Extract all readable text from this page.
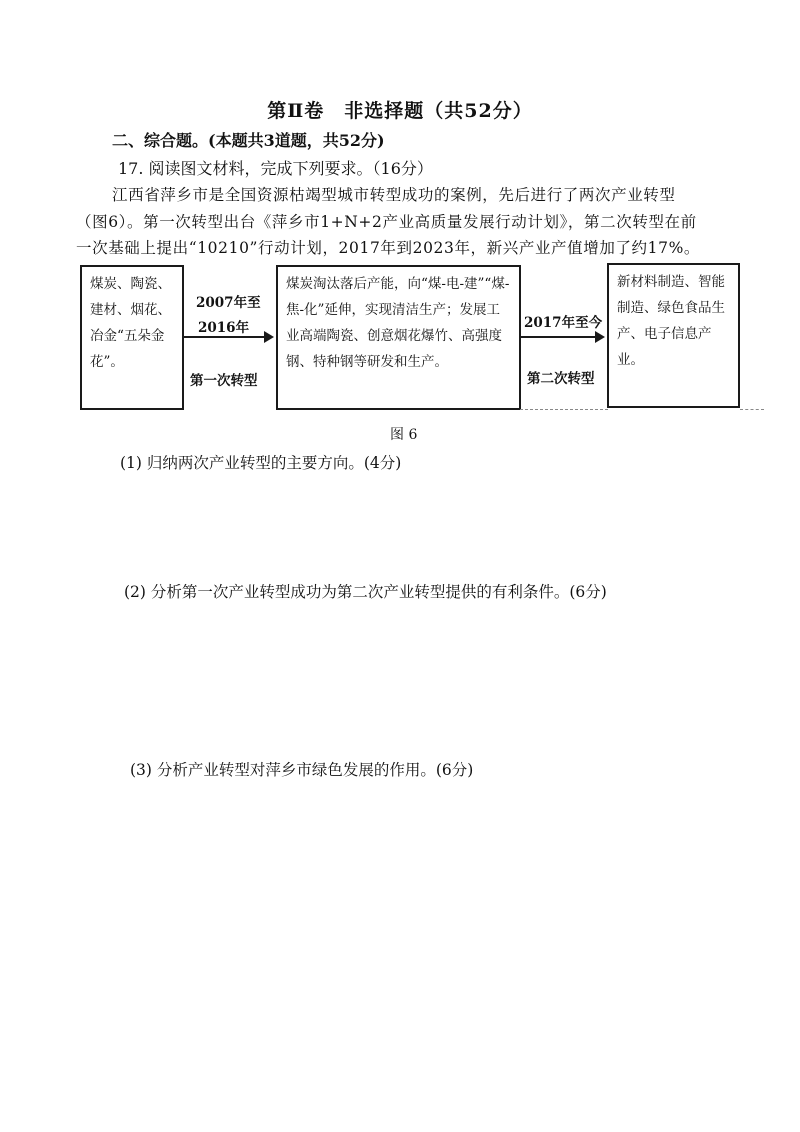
第Ⅱ卷　非选择题（共52分）
二、综合题。(本题共3道题，共52分)
17. 阅读图文材料，完成下列要求。（16分）
江西省萍乡市是全国资源枯竭型城市转型成功的案例，先后进行了两次产业转型
（图6）。第一次转型出台《萍乡市1+N+2产业高质量发展行动计划》，第二次转型在前
一次基础上提出“10210”行动计划，2017年到2023年，新兴产业产值增加了约17%。
煤炭、陶瓷、建材、烟花、冶金“五朵金花”。
2007年至
2016年
第一次转型
煤炭淘汰落后产能，向“煤-电-建”“煤-焦-化”延伸，实现清洁生产；发展工业高端陶瓷、创意烟花爆竹、高强度钢、特种钢等研发和生产。
2017年至今
第二次转型
新材料制造、智能制造、绿色食品生产、电子信息产业。
图 6
(1) 归纳两次产业转型的主要方向。(4分)
(2) 分析第一次产业转型成功为第二次产业转型提供的有利条件。(6分)
(3) 分析产业转型对萍乡市绿色发展的作用。(6分)
